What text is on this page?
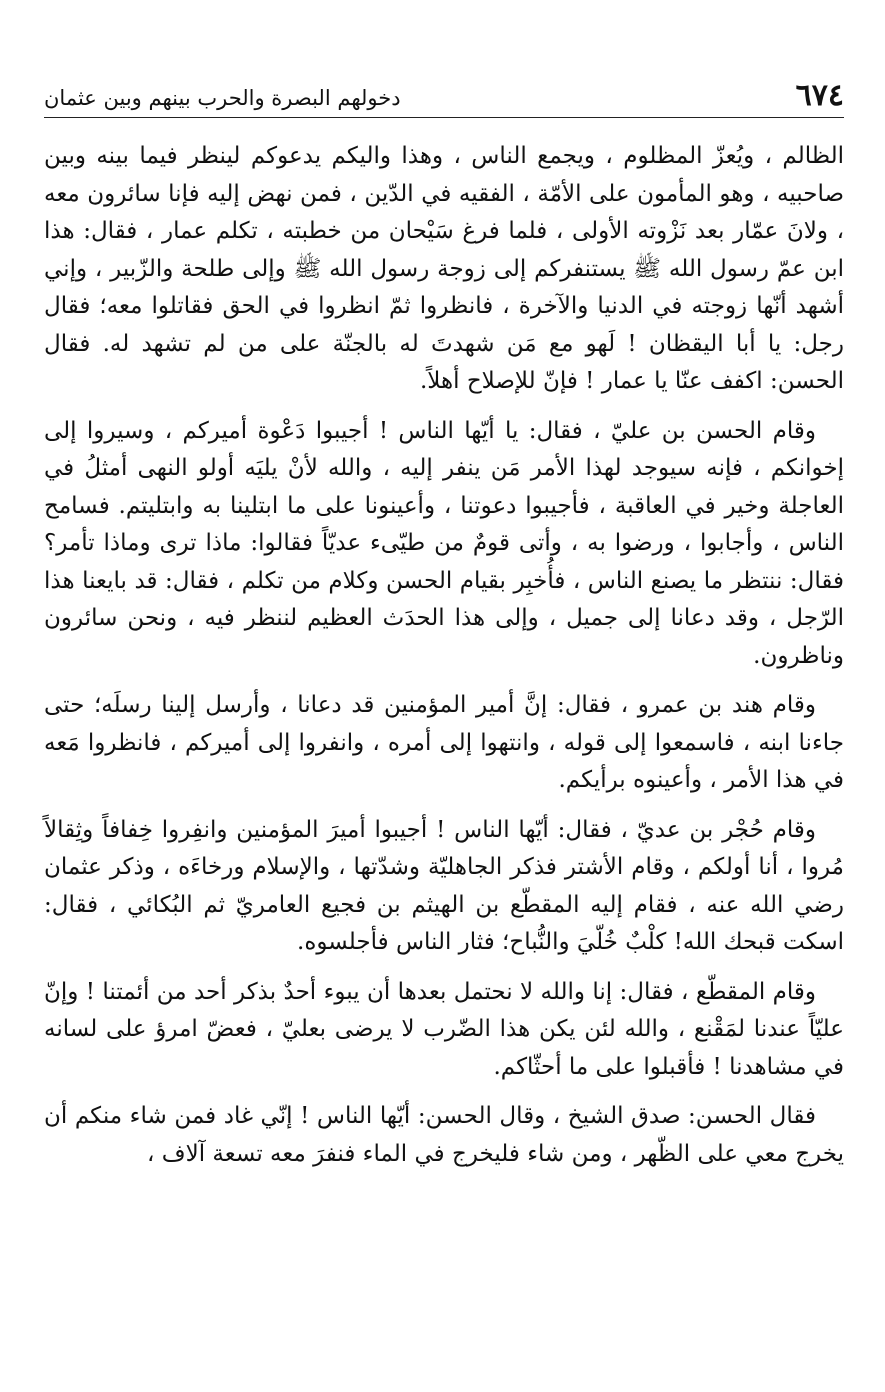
٦٧٤
دخولهم البصرة والحرب بينهم وبين عثمان

الظالم ، ويُعزّ المظلوم ، ويجمع الناس ، وهذا واليكم يدعوكم لينظر فيما بينه وبين صاحبيه ، وهو المأمون على الأمّة ، الفقيه في الدّين ، فمن نهض إليه فإنا سائرون معه ، ولانَ عمّار بعد نَزْوته الأولى ، فلما فرغ سَيْحان من خطبته ، تكلم عمار ، فقال: هذا ابن عمّ رسول الله ﷺ يستنفركم إلى زوجة رسول الله ﷺ وإلى طلحة والزّبير ، وإني أشهد أنّها زوجته في الدنيا والآخرة ، فانظروا ثمّ انظروا في الحق فقاتلوا معه؛ فقال رجل: يا أبا اليقظان ! لَهو مع مَن شهدتَ له بالجنّة على من لم تشهد له. فقال الحسن: اكفف عنّا يا عمار ! فإنّ للإصلاح أهلاً.

وقام الحسن بن عليّ ، فقال: يا أيّها الناس ! أجيبوا دَعْوة أميركم ، وسيروا إلى إخوانكم ، فإنه سيوجد لهذا الأمر مَن ينفر إليه ، والله لأنْ يليَه أولو النهى أمثلُ في العاجلة وخير في العاقبة ، فأجيبوا دعوتنا ، وأعينونا على ما ابتلينا به وابتليتم. فسامح الناس ، وأجابوا ، ورضوا به ، وأتى قومٌ من طيّىء عديّاً فقالوا: ماذا ترى وماذا تأمر؟ فقال: ننتظر ما يصنع الناس ، فأُخبِر بقيام الحسن وكلام من تكلم ، فقال: قد بايعنا هذا الرّجل ، وقد دعانا إلى جميل ، وإلى هذا الحدَث العظيم لننظر فيه ، ونحن سائرون وناظرون.

وقام هند بن عمرو ، فقال: إنَّ أمير المؤمنين قد دعانا ، وأرسل إلينا رسلَه؛ حتى جاءنا ابنه ، فاسمعوا إلى قوله ، وانتهوا إلى أمره ، وانفروا إلى أميركم ، فانظروا مَعه في هذا الأمر ، وأعينوه برأيكم.

وقام حُجْر بن عديّ ، فقال: أيّها الناس ! أجيبوا أميرَ المؤمنين وانفِروا خِفافاً وثِقالاً مُروا ، أنا أولكم ، وقام الأشتر فذكر الجاهليّة وشدّتها ، والإسلام ورخاءَه ، وذكر عثمان رضي الله عنه ، فقام إليه المقطّع بن الهيثم بن فجيع العامريّ ثم البُكائي ، فقال: اسكت قبحك الله! كلْبٌ خُلّيَ والنُّباح؛ فثار الناس فأجلسوه.

وقام المقطّع ، فقال: إنا والله لا نحتمل بعدها أن يبوء أحدٌ بذكر أحد من أئمتنا ! وإنّ عليّاً عندنا لمَقْنع ، والله لئن يكن هذا الضّرب لا يرضى بعليّ ، فعضّ امرؤ على لسانه في مشاهدنا ! فأقبلوا على ما أحثّاكم.

فقال الحسن: صدق الشيخ ، وقال الحسن: أيّها الناس ! إنّي غاد فمن شاء منكم أن يخرج معي على الظّهر ، ومن شاء فليخرج في الماء فنفرَ معه تسعة آلاف ،
